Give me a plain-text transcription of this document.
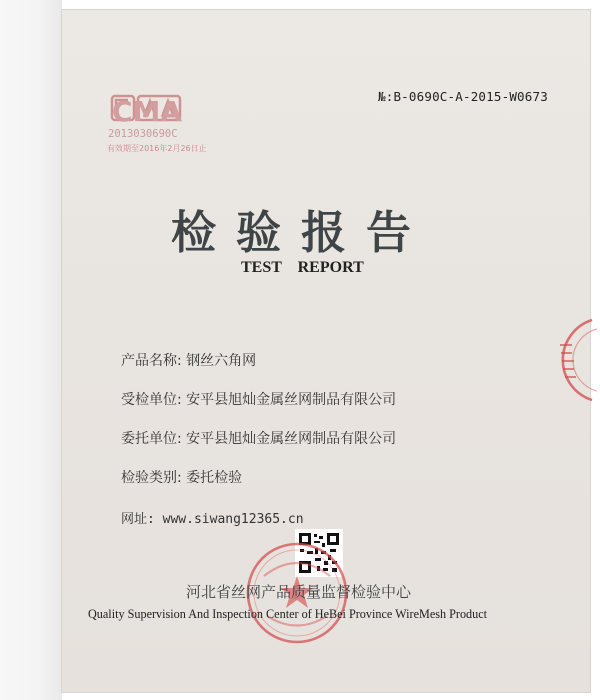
№:B-0690C-A-2015-W0673
CMA
2013030690C
有效期至2016年2月26日止
检验报告
TEST REPORT
产品名称: 钢丝六角网
受检单位: 安平县旭灿金属丝网制品有限公司
委托单位: 安平县旭灿金属丝网制品有限公司
检验类别: 委托检验
网址: www.siwang12365.cn
河北省丝网产品质量监督检验中心
Quality Supervision And Inspection Center of HeBei Province WireMesh Product
